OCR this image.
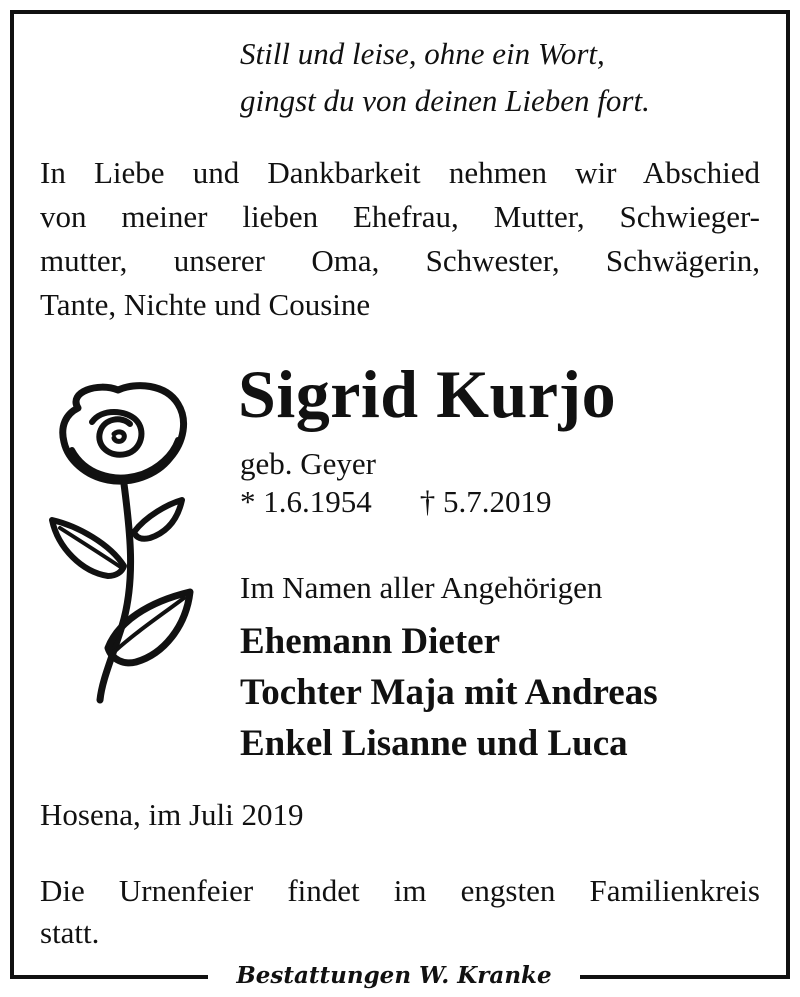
Still und leise, ohne ein Wort,
gingst du von deinen Lieben fort.
In Liebe und Dankbarkeit nehmen wir Abschied
von meiner lieben Ehefrau, Mutter, Schwieger-
mutter, unserer Oma, Schwester, Schwägerin,
Tante, Nichte und Cousine
Sigrid Kurjo
geb. Geyer
* 1.6.1954 † 5.7.2019
Im Namen aller Angehörigen
Ehemann Dieter
Tochter Maja mit Andreas
Enkel Lisanne und Luca
Hosena, im Juli 2019
Die Urnenfeier findet im engsten Familienkreis
statt.
Bestattungen W. Kranke
